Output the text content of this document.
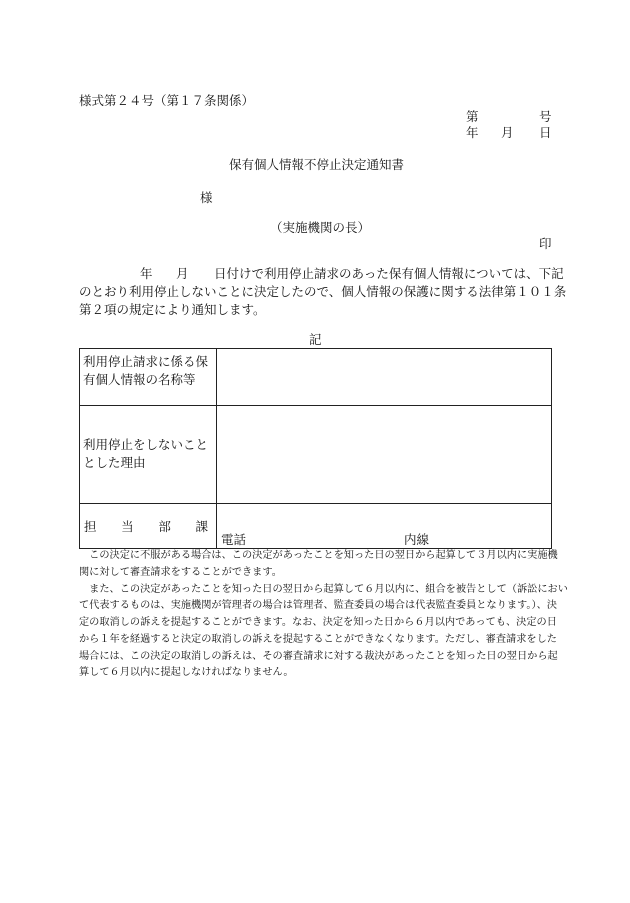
様式第２４号（第１７条関係）
第	号
年 月 日
保有個人情報不停止決定通知書
様
（実施機関の長）
印
年 月 日付けで利用停止請求のあった保有個人情報については、下記
のとおり利用停止しないことに決定したので、個人情報の保護に関する法律第１０１条
第２項の規定により通知します。
記
利用停止請求に係る保有個人情報の名称等	
利用停止をしないこととした理由	

担 当 部 課	電話 内線
　この決定に不服がある場合は、この決定があったことを知った日の翌日から起算して３月以内に実施機
関に対して審査請求をすることができます。
　また、この決定があったことを知った日の翌日から起算して６月以内に、組合を被告として（訴訟におい
て代表するものは、実施機関が管理者の場合は管理者、監査委員の場合は代表監査委員となります。）、決
定の取消しの訴えを提起することができます。なお、決定を知った日から６月以内であっても、決定の日
から１年を経過すると決定の取消しの訴えを提起することができなくなります。ただし、審査請求をした
場合には、この決定の取消しの訴えは、その審査請求に対する裁決があったことを知った日の翌日から起
算して６月以内に提起しなければなりません。
